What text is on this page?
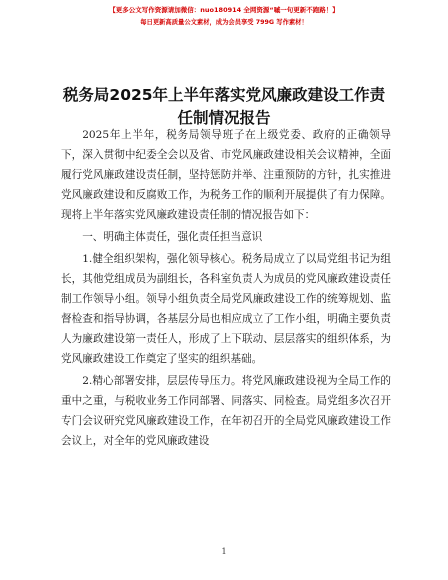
【更多公文写作资源请加微信：nuo180914 全网资源“嘁一句更新不跑路！】
每日更新高质量公文素材，成为会员享受 799G 写作素材！
税务局2025年上半年落实党风廉政建设工作责任制情况报告

2025年上半年，税务局领导班子在上级党委、政府的正确领导下，深入贯彻中纪委全会以及省、市党风廉政建设相关会议精神，全面履行党风廉政建设责任制，坚持惩防并举、注重预防的方针，扎实推进党风廉政建设和反腐败工作，为税务工作的顺利开展提供了有力保障。现将上半年落实党风廉政建设责任制的情况报告如下：

一、明确主体责任，强化责任担当意识

1.健全组织架构，强化领导核心。税务局成立了以局党组书记为组长，其他党组成员为副组长，各科室负责人为成员的党风廉政建设责任制工作领导小组。领导小组负责全局党风廉政建设工作的统筹规划、监督检查和指导协调，各基层分局也相应成立了工作小组，明确主要负责人为廉政建设第一责任人，形成了上下联动、层层落实的组织体系，为党风廉政建设工作奠定了坚实的组织基础。

2.精心部署安排，层层传导压力。将党风廉政建设视为全局工作的重中之重，与税收业务工作同部署、同落实、同检查。局党组多次召开专门会议研究党风廉政建设工作，在年初召开的全局党风廉政建设工作会议上，对全年的党风廉政建设

1
